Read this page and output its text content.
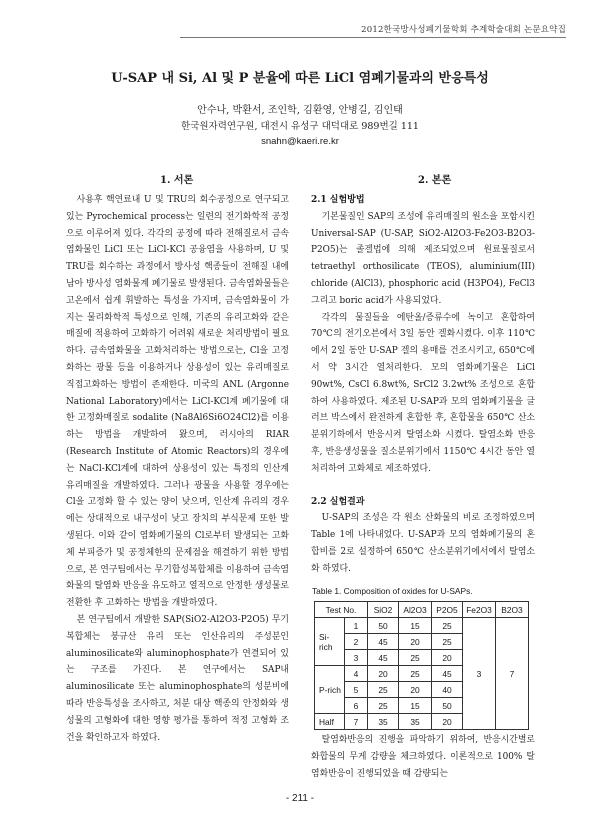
2012한국방사성폐기물학회 추계학술대회 논문요약집
U-SAP 내 Si, Al 및 P 분율에 따른 LiCl 염폐기물과의 반응특성
안수나, 박환서, 조인학, 김환영, 안병길, 김인태
한국원자력연구원, 대전시 유성구 대덕대로 989번길 111
snahn@kaeri.re.kr
1. 서론	2. 본론

사용후 핵연료내 U 및 TRU의 회수공정으로 연구되고 있는 Pyrochemical process는 일련의 전기화학적 공정으로 이루어져 있다. 각각의 공정에 따라 전해질로서 금속염화물인 LiCl 또는 LiCl-KCl 공융염을 사용하며, U 및 TRU를 회수하는 과정에서 방사성 핵종들이 전해질 내에 남아 방사성 염화물계 폐기물로 발생된다. 금속염화물들은 고온에서 쉽게 휘발하는 특성을 가지며, 금속염화물이 가지는 물리화학적 특성으로 인해, 기존의 유리고화와 같은 매질에 적용하여 고화하기 어려워 새로운 처리방법이 필요하다. 금속염화물을 고화처리하는 방법으로는, Cl을 고정화하는 광물 등을 이용하거나 상용성이 있는 유리매질로 직접고화하는 방법이 존재한다. 미국의 ANL (Argonne National Laboratory)에서는 LiCl-KCl계 폐기물에 대한 고정화매질로 sodalite (Na8Al6Si6O24Cl2)를 이용하는 방법을 개발하여 왔으며, 러시아의 RIAR (Research Institute of Atomic Reactors)의 경우에는 NaCl-KCl계에 대하여 상용성이 있는 특정의 인산계 유리매질을 개발하였다. 그러나 광물을 사용할 경우에는 Cl을 고정화 할 수 있는 양이 낮으며, 인산계 유리의 경우에는 상대적으로 내구성이 낮고 장치의 부식문제 또한 발생된다. 이와 같이 염화폐기물의 Cl로부터 발생되는 고화체 부피증가 및 공정체한의 문제점을 해결하기 위한 방법으로, 본 연구팀에서는 무기합성복합체를 이용하여 금속염화물의 탈염화 반응을 유도하고 열적으로 안정한 생성물로 전환한 후 고화하는 방법을 개발하였다.

본 연구팀에서 개발한 SAP(SiO2-Al2O3-P2O5) 무기복합체는 붕규산 유리 또는 인산유리의 주성분인 aluminosilicate와 aluminophosphate가 연결되어 있는 구조를 가진다. 본 연구에서는 SAP내 aluminosilicate 또는 aluminophosphate의 성분비에 따라 반응특성을 조사하고, 처분 대상 핵종의 안정화와 생성물의 고형화에 대한 영향 평가를 통하여 적정 고형화 조건을 확인하고자 하였다.

2.1 실험방법

기본물질인 SAP의 조성에 유리매질의 원소을 포함시킨 Universal-SAP (U-SAP, SiO2-Al2O3-Fe2O3-B2O3-P2O5)는 졸겔법에 의해 제조되었으며 원료물질로서 tetraethyl orthosilicate (TEOS), aluminium(III) chloride (AlCl3), phosphoric acid (H3PO4), FeCl3 그리고 boric acid가 사용되었다.

각각의 물질들을 에탄올/증류수에 녹이고 혼합하여 70℃의 전기오븐에서 3일 동안 겔화시켰다. 이후 110℃에서 2일 동안 U-SAP 겔의 용매를 건조시키고, 650℃에서 약 3시간 열처리한다. 모의 염화폐기물은 LiCl 90wt%, CsCl 6.8wt%, SrCl2 3.2wt% 조성으로 혼합하여 사용하였다. 제조된 U-SAP과 모의 염화폐기물을 글러브 박스에서 완전하게 혼합한 후, 혼합물을 650℃ 산소분위기하에서 반응시켜 탈염소화 시켰다. 탈염소화 반응후, 반응생성물을 질소분위기에서 1150℃ 4시간 동안 열처리하여 고화체로 제조하였다.

2.2 실험결과

U-SAP의 조성은 각 원소 산화물의 비로 조정하였으며 Table 1에 나타내었다. U-SAP과 모의 염화폐기물의 혼합비를 2로 설정하여 650℃ 산소분위기에서에서 탈염소화 하였다.

Table 1. Composition of oxides for U-SAPs.
Test No.		SiO2	Al2O3	P2O5	Fe2O3	B2O3
Si-rich	1	50	15	25	3	7
	2	45	20	25		
	3	45	25	20		
P-rich	4	20	25	45		
	5	25	20	40		
	6	25	15	50		
Half	7	35	35	20		

탈염화반응의 진행을 파악하기 위하여, 반응시간별로 화합물의 무게 감량을 체크하였다. 이론적으로 100% 탈염화반응이 진행되었을 때 감량되는

- 211 -
